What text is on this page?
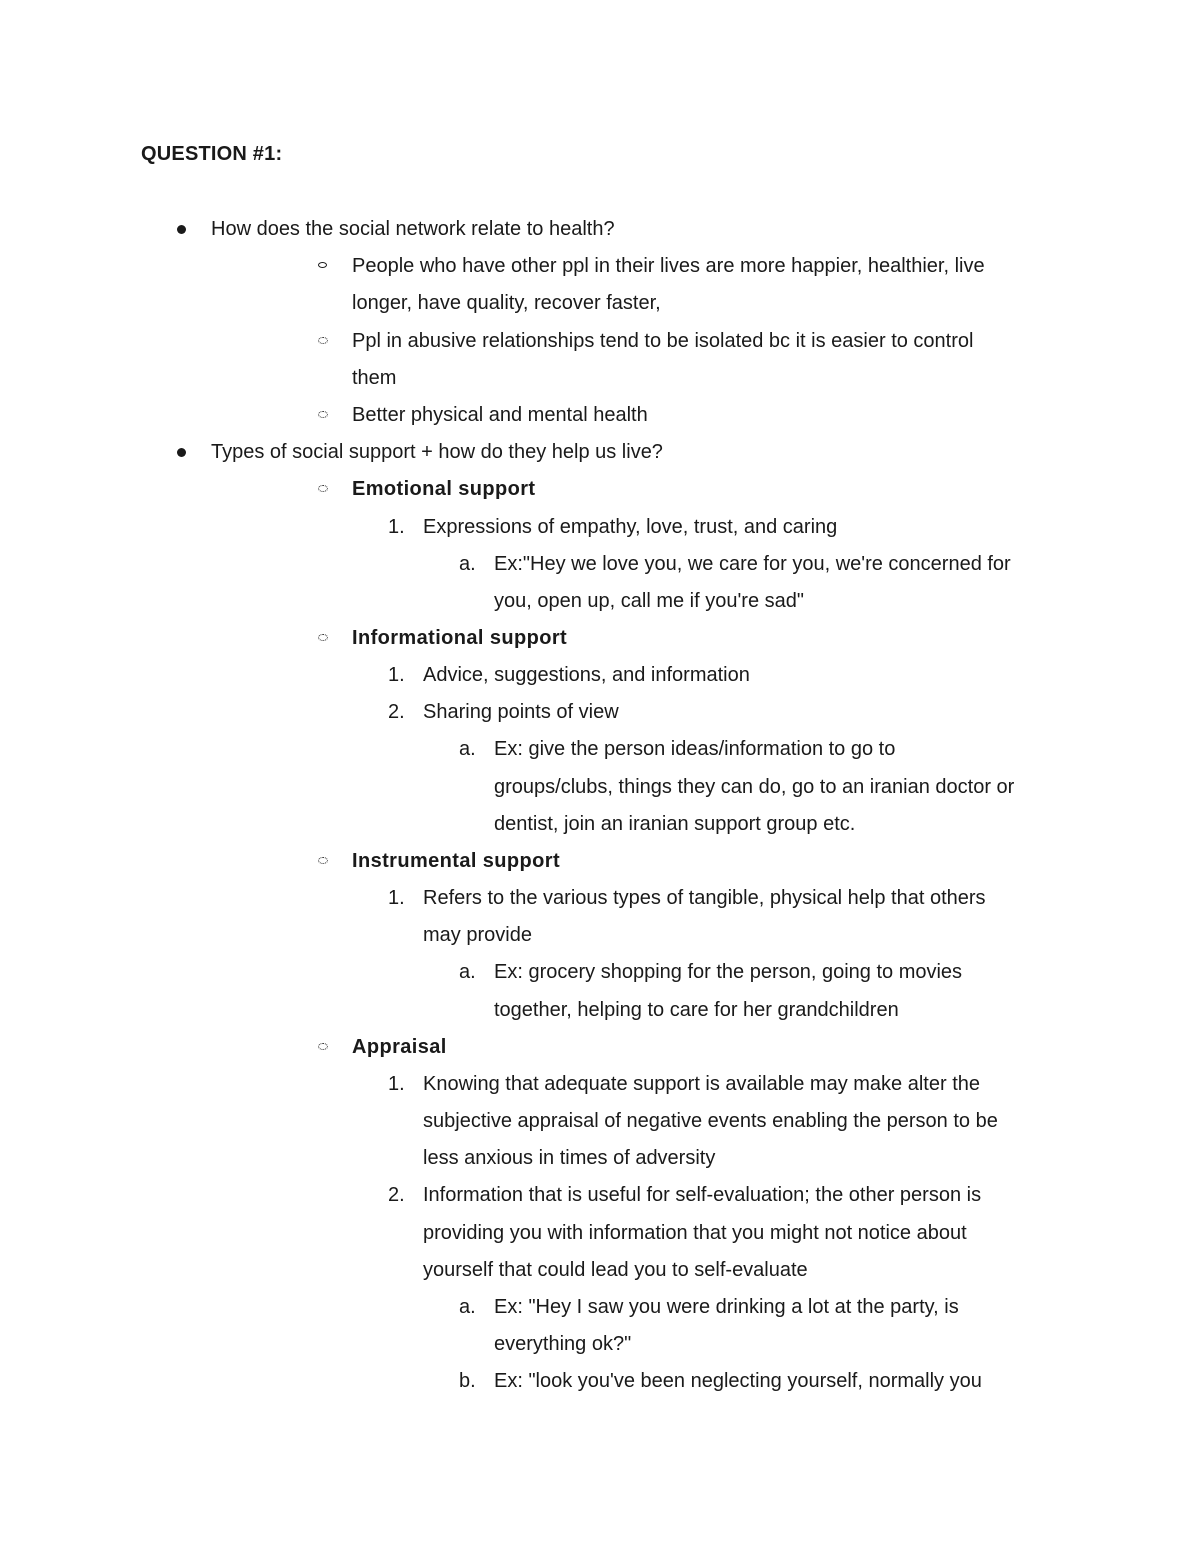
QUESTION #1:
How does the social network relate to health?
People who have other ppl in their lives are more happier, healthier, live
longer, have quality, recover faster,
Ppl in abusive relationships tend to be isolated bc it is easier to control
them
Better physical and mental health
Types of social support + how do they help us live?
Emotional support
1. Expressions of empathy, love, trust, and caring
a. Ex:"Hey we love you, we care for you, we're concerned for
you, open up, call me if you're sad"
Informational support
1. Advice, suggestions, and information
2. Sharing points of view
a. Ex: give the person ideas/information to go to
groups/clubs, things they can do, go to an iranian doctor or
dentist, join an iranian support group etc.
Instrumental support
1. Refers to the various types of tangible, physical help that others
may provide
a. Ex: grocery shopping for the person, going to movies
together, helping to care for her grandchildren
Appraisal
1. Knowing that adequate support is available may make alter the
subjective appraisal of negative events enabling the person to be
less anxious in times of adversity
2. Information that is useful for self-evaluation; the other person is
providing you with information that you might not notice about
yourself that could lead you to self-evaluate
a. Ex: "Hey I saw you were drinking a lot at the party, is
everything ok?"
b. Ex: "look you've been neglecting yourself, normally you
